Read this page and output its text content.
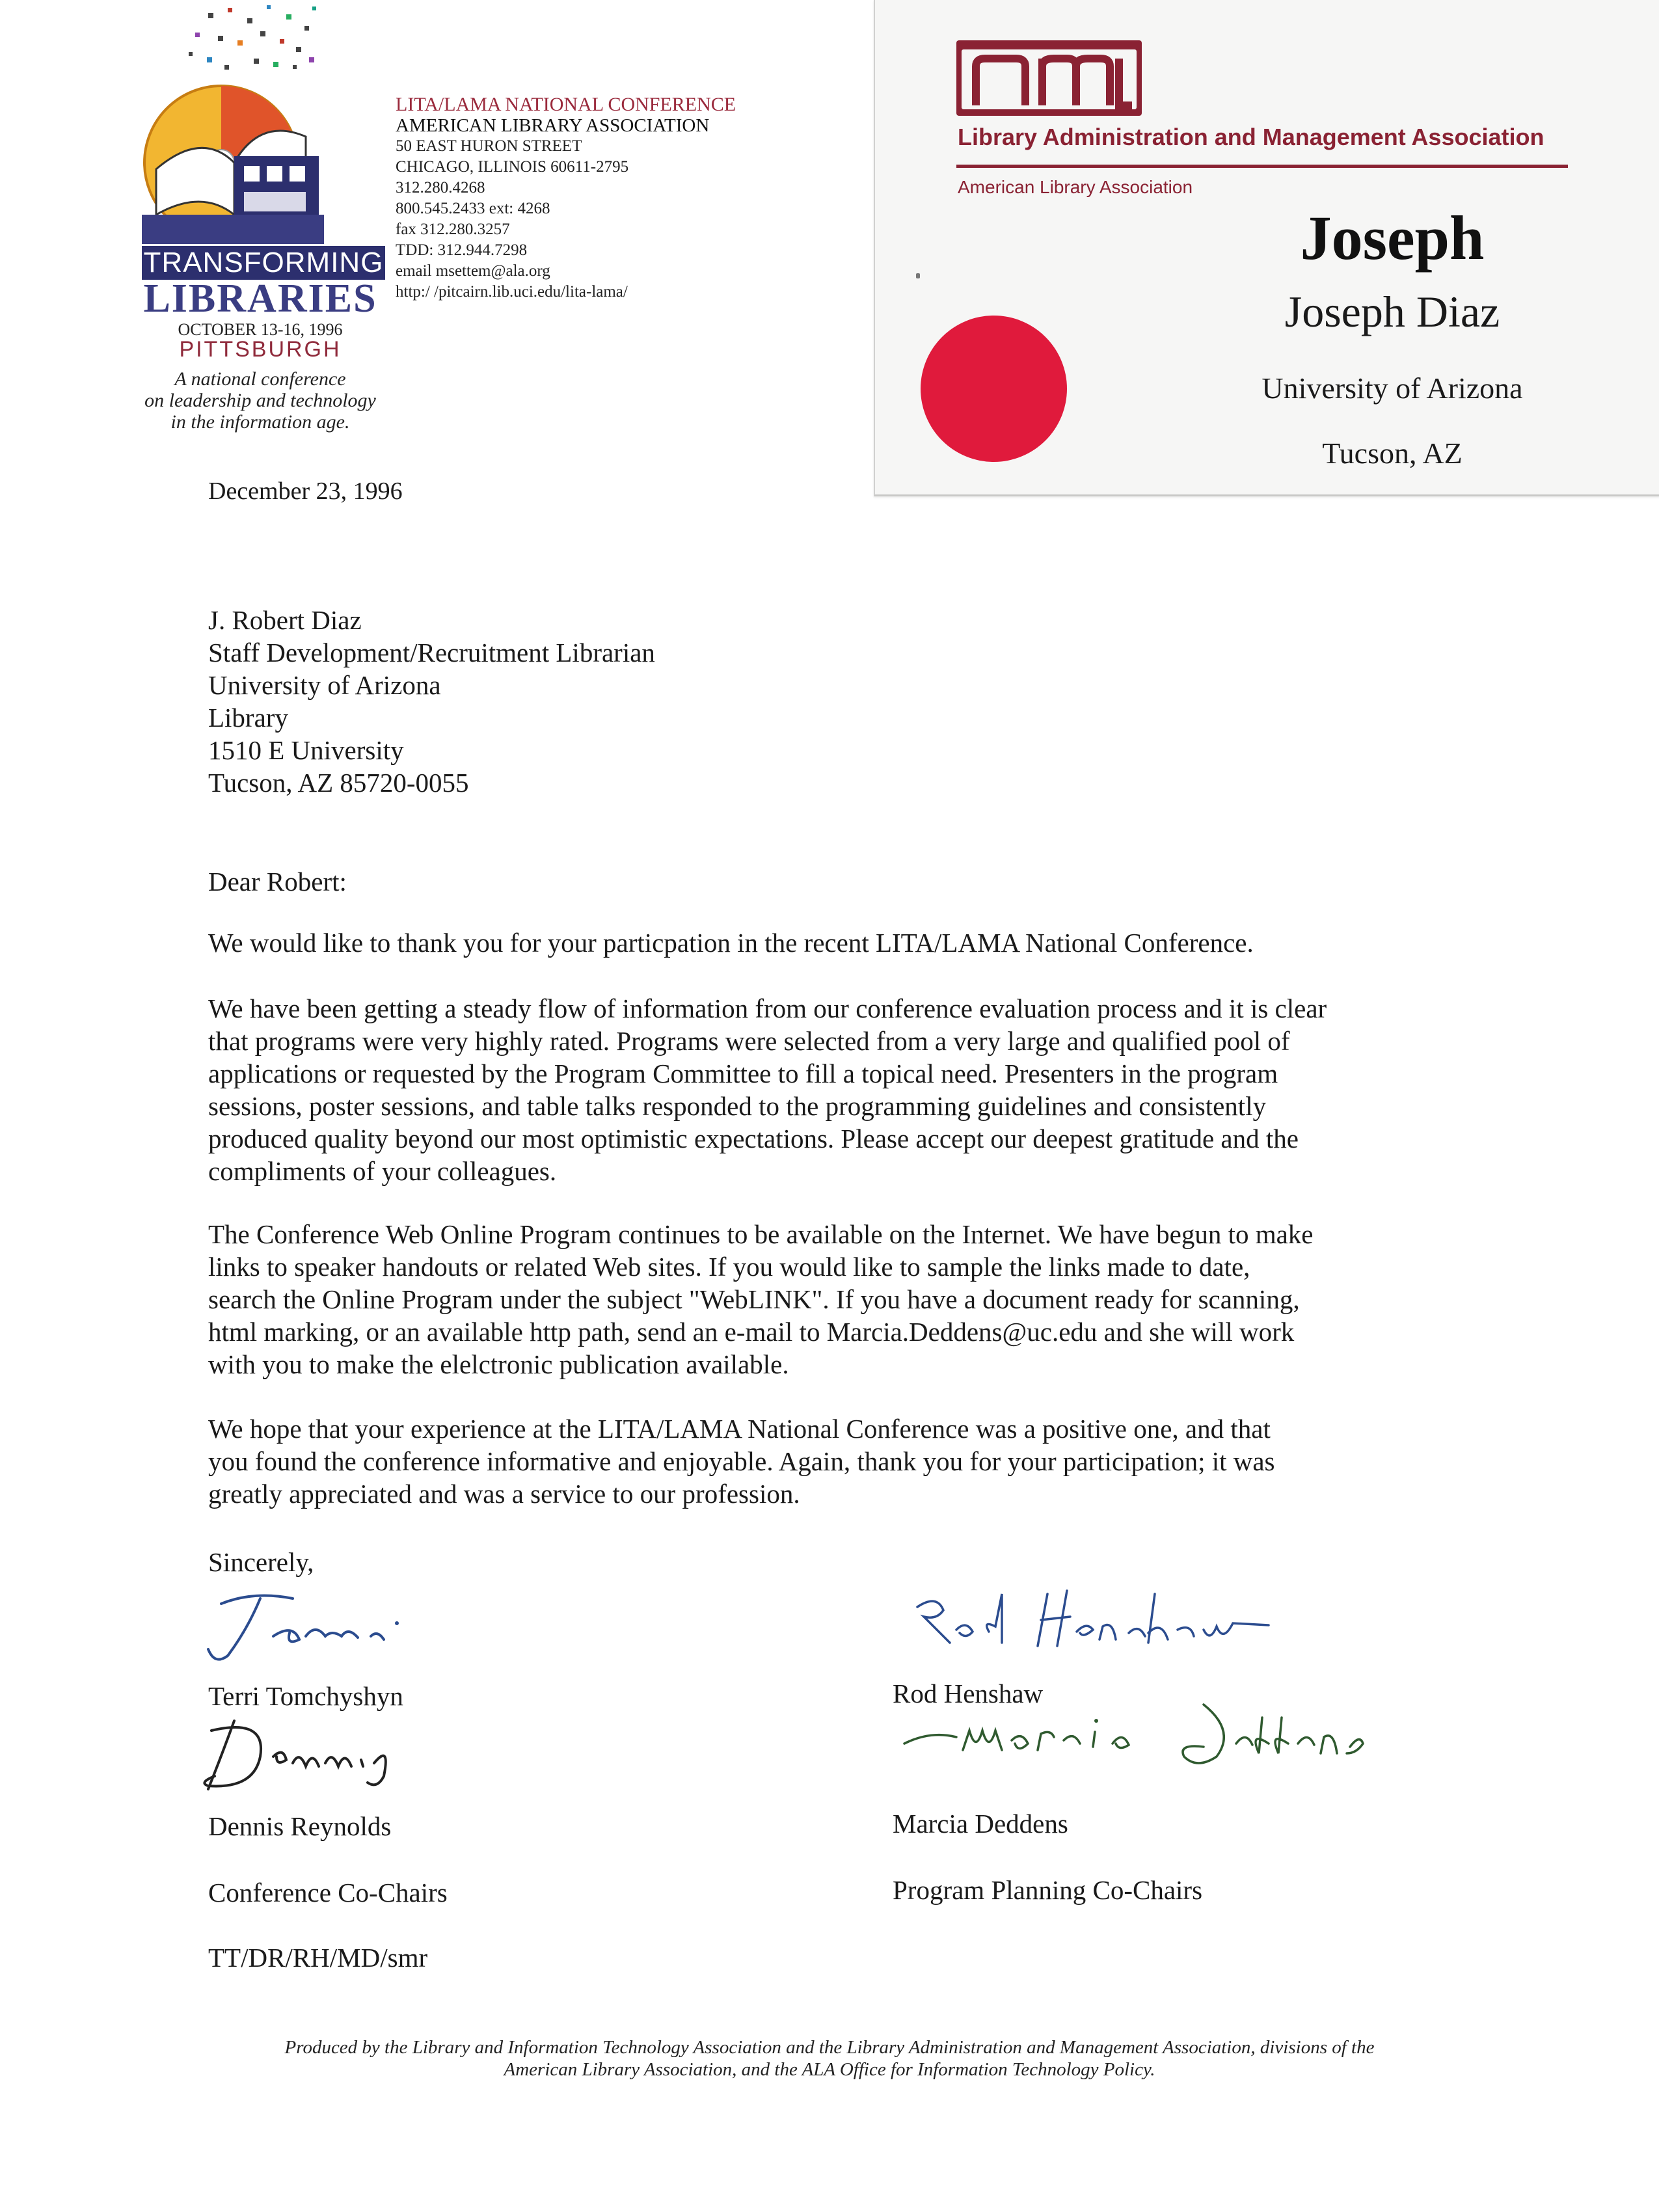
TRANSFORMING
LIBRARIES
OCTOBER 13-16, 1996
PITTSBURGH
A national conference
on leadership and technology
in the information age.
LITA/LAMA NATIONAL CONFERENCE
AMERICAN LIBRARY ASSOCIATION
50 EAST HURON STREET
CHICAGO, ILLINOIS 60611-2795
312.280.4268
800.545.2433 ext: 4268
fax 312.280.3257
TDD: 312.944.7298
email msettem@ala.org
http:/ /pitcairn.lib.uci.edu/lita-lama/
Library Administration and Management Association
American Library Association
Joseph
Joseph Diaz
University of Arizona
Tucson, AZ
December 23, 1996
J. Robert Diaz
Staff Development/Recruitment Librarian
University of Arizona
Library
1510 E University
Tucson, AZ 85720-0055
Dear Robert:
We would like to thank you for your particpation in the recent LITA/LAMA National Conference.
We have been getting a steady flow of information from our conference evaluation process and it is clear
that programs were very highly rated. Programs were selected from a very large and qualified pool of
applications or requested by the Program Committee to fill a topical need. Presenters in the program
sessions, poster sessions, and table talks responded to the programming guidelines and consistently
produced quality beyond our most optimistic expectations. Please accept our deepest gratitude and the
compliments of your colleagues.
The Conference Web Online Program continues to be available on the Internet. We have begun to make
links to speaker handouts or related Web sites. If you would like to sample the links made to date,
search the Online Program under the subject "WebLINK". If you have a document ready for scanning,
html marking, or an available http path, send an e-mail to Marcia.Deddens@uc.edu and she will work
with you to make the elelctronic publication available.
We hope that your experience at the LITA/LAMA National Conference was a positive one, and that
you found the conference informative and enjoyable. Again, thank you for your participation; it was
greatly appreciated and was a service to our profession.
Sincerely,
Terri Tomchyshyn	Rod Henshaw
Dennis Reynolds	Marcia Deddens
Conference Co-Chairs	Program Planning Co-Chairs
TT/DR/RH/MD/smr
Produced by the Library and Information Technology Association and the Library Administration and Management Association, divisions of the
American Library Association, and the ALA Office for Information Technology Policy.
